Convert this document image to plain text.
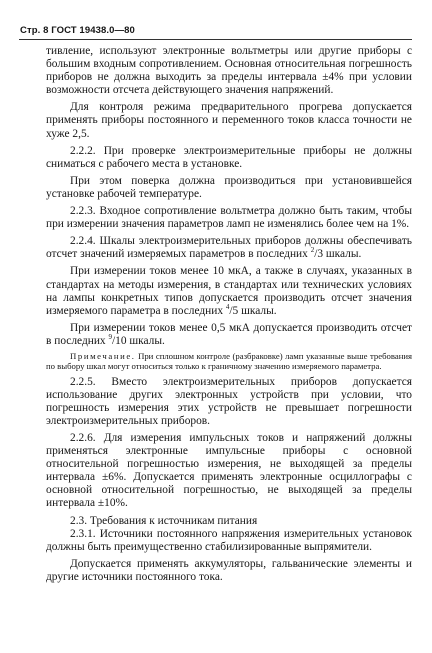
Стр. 8 ГОСТ 19438.0—80

тивление, используют электронные вольтметры или другие приборы с большим входным сопротивлением. Основная относительная погрешность приборов не должна выходить за пределы интервала ±4% при условии возможности отсчета действующего значения напряжений.

Для контроля режима предварительного прогрева допускается применять приборы постоянного и переменного токов класса точности не хуже 2,5.

2.2.2. При проверке электроизмерительные приборы не должны сниматься с рабочего места в установке.

При этом поверка должна производиться при установившейся установке рабочей температуре.

2.2.3. Входное сопротивление вольтметра должно быть таким, чтобы при измерении значения параметров ламп не изменялись более чем на 1%.

2.2.4. Шкалы электроизмерительных приборов должны обеспечивать отсчет значений измеряемых параметров в последних $^2$/3 шкалы.

При измерении токов менее 10 мкА, а также в случаях, указанных в стандартах на методы измерения, в стандартах или технических условиях на лампы конкретных типов допускается производить отсчет значения измеряемого параметра в последних $^4$/5 шкалы.

При измерении токов менее 0,5 мкА допускается производить отсчет в последних $^9$/10 шкалы.

Примечание. При сплошном контроле (разбраковке) ламп указанные выше требования по выбору шкал могут относиться только к граничному значению измеряемого параметра.

2.2.5. Вместо электроизмерительных приборов допускается использование других электронных устройств при условии, что погрешность измерения этих устройств не превышает погрешности электроизмерительных приборов.

2.2.6. Для измерения импульсных токов и напряжений должны применяться электронные импульсные приборы с основной относительной погрешностью измерения, не выходящей за пределы интервала ±6%. Допускается применять электронные осциллографы с основной относительной погрешностью, не выходящей за пределы интервала ±10%.

2.3. Требования к источникам питания

2.3.1. Источники постоянного напряжения измерительных установок должны быть преимущественно стабилизированные выпрямители.

Допускается применять аккумуляторы, гальванические элементы и другие источники постоянного тока.
